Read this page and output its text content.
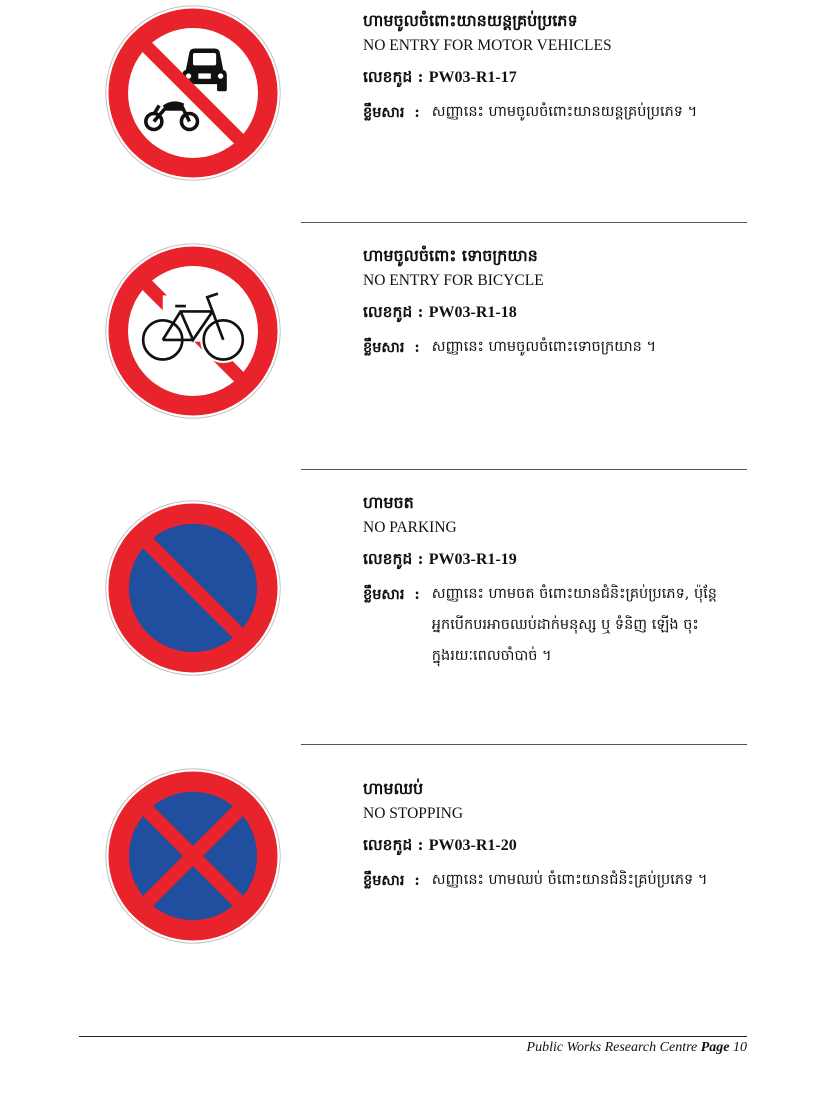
ហាមចូលចំពោះយានយន្តគ្រប់ប្រភេទ

NO ENTRY FOR MOTOR VEHICLES

លេខកូដ : PW03-R1-17

ខ្លឹមសារ : សញ្ញានេះ ហាមចូលចំពោះយានយន្តគ្រប់ប្រភេទ ។

ហាមចូលចំពោះ ទោចក្រយាន

NO ENTRY FOR BICYCLE

លេខកូដ : PW03-R1-18

ខ្លឹមសារ : សញ្ញានេះ ហាមចូលចំពោះទោចក្រយាន ។

ហាមចត

NO PARKING

លេខកូដ : PW03-R1-19

ខ្លឹមសារ : សញ្ញានេះ ហាមចត ចំពោះយានជំនិះគ្រប់ប្រភេទ, ប៉ុន្តែអ្នកបើកបរអាចឈប់ដាក់មនុស្ស ឬ ទំនិញ ឡើង ចុះ ក្នុងរយៈពេលចាំបាច់ ។

ហាមឈប់

NO STOPPING

លេខកូដ : PW03-R1-20

ខ្លឹមសារ : សញ្ញានេះ ហាមឈប់ ចំពោះយានជំនិះគ្រប់ប្រភេទ ។
Public Works Research Centre Page 10
